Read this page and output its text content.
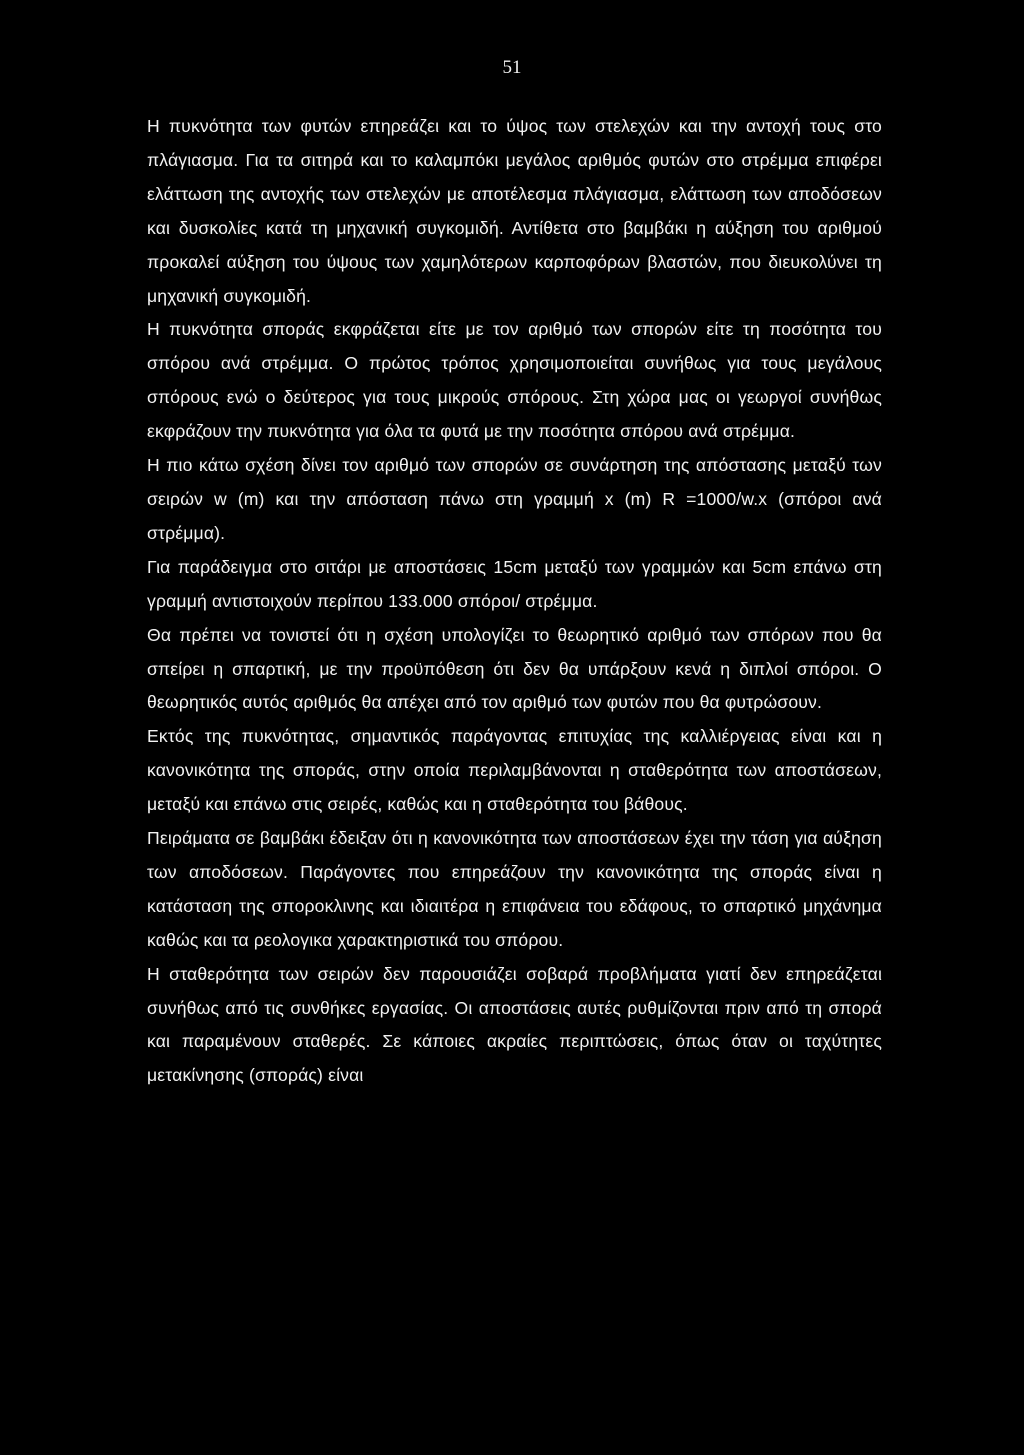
51

Η πυκνότητα των φυτών επηρεάζει και το ύψος των στελεχών και την αντοχή τους στο πλάγιασμα. Για τα σιτηρά και το καλαμπόκι μεγάλος αριθμός φυτών στο στρέμμα επιφέρει ελάττωση της αντοχής των στελεχών με αποτέλεσμα πλάγιασμα, ελάττωση των αποδόσεων και δυσκολίες κατά τη μηχανική συγκομιδή. Αντίθετα στο βαμβάκι η αύξηση του αριθμού προκαλεί αύξηση του ύψους των χαμηλότερων καρποφόρων βλαστών, που διευκολύνει τη μηχανική συγκομιδή.

Η πυκνότητα σποράς εκφράζεται είτε με τον αριθμό των σπορών είτε τη ποσότητα του σπόρου ανά στρέμμα. Ο πρώτος τρόπος χρησιμοποιείται συνήθως για τους μεγάλους σπόρους ενώ ο δεύτερος για τους μικρούς σπόρους. Στη χώρα μας οι γεωργοί συνήθως εκφράζουν την πυκνότητα για όλα τα φυτά με την ποσότητα σπόρου ανά στρέμμα.

Η πιο κάτω σχέση δίνει τον αριθμό των σπορών σε συνάρτηση της απόστασης μεταξύ των σειρών w (m) και την απόσταση πάνω στη γραμμή x (m) R =1000/w.x (σπόροι ανά στρέμμα).

Για παράδειγμα στο σιτάρι με αποστάσεις 15cm μεταξύ των γραμμών και 5cm επάνω στη γραμμή αντιστοιχούν περίπου 133.000 σπόροι/ στρέμμα.

Θα πρέπει να τονιστεί ότι η σχέση υπολογίζει το θεωρητικό αριθμό των σπόρων που θα σπείρει η σπαρτική, με την προϋπόθεση ότι δεν θα υπάρξουν κενά η διπλοί σπόροι. Ο θεωρητικός αυτός αριθμός θα απέχει από τον αριθμό των φυτών που θα φυτρώσουν.

Εκτός της πυκνότητας, σημαντικός παράγοντας επιτυχίας της καλλιέργειας είναι και η κανονικότητα της σποράς, στην οποία περιλαμβάνονται η σταθερότητα των αποστάσεων, μεταξύ και επάνω στις σειρές, καθώς και η σταθερότητα του βάθους.

Πειράματα σε βαμβάκι έδειξαν ότι η κανονικότητα των αποστάσεων έχει την τάση για αύξηση των αποδόσεων. Παράγοντες που επηρεάζουν την κανονικότητα της σποράς είναι η κατάσταση της σποροκλινης και ιδιαιτέρα η επιφάνεια του εδάφους, το σπαρτικό μηχάνημα καθώς και τα ρεολογικα χαρακτηριστικά του σπόρου.

Η σταθερότητα των σειρών δεν παρουσιάζει σοβαρά προβλήματα γιατί δεν επηρεάζεται συνήθως από τις συνθήκες εργασίας. Οι αποστάσεις αυτές ρυθμίζονται πριν από τη σπορά και παραμένουν σταθερές. Σε κάποιες ακραίες περιπτώσεις, όπως όταν οι ταχύτητες μετακίνησης (σποράς) είναι
